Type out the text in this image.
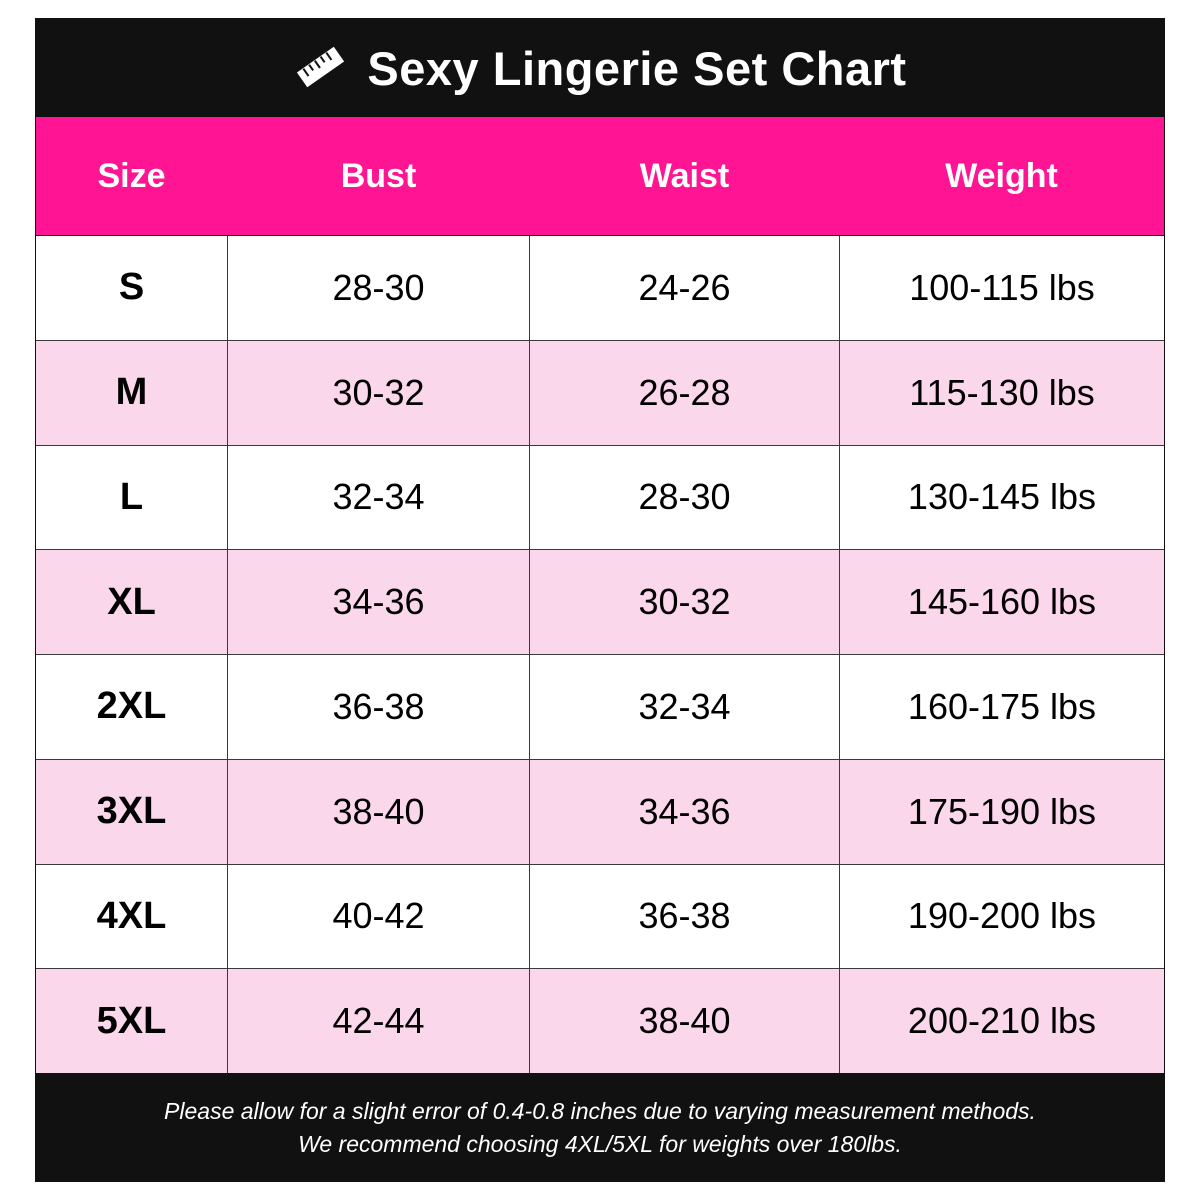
Sexy Lingerie Set Chart
Size	Bust	Waist	Weight
S	28-30	24-26	100-115 lbs
M	30-32	26-28	115-130 lbs
L	32-34	28-30	130-145 lbs
XL	34-36	30-32	145-160 lbs
2XL	36-38	32-34	160-175 lbs
3XL	38-40	34-36	175-190 lbs
4XL	40-42	36-38	190-200 lbs
5XL	42-44	38-40	200-210 lbs
Please allow for a slight error of 0.4-0.8 inches due to varying measurement methods.
We recommend choosing 4XL/5XL for weights over 180lbs.
